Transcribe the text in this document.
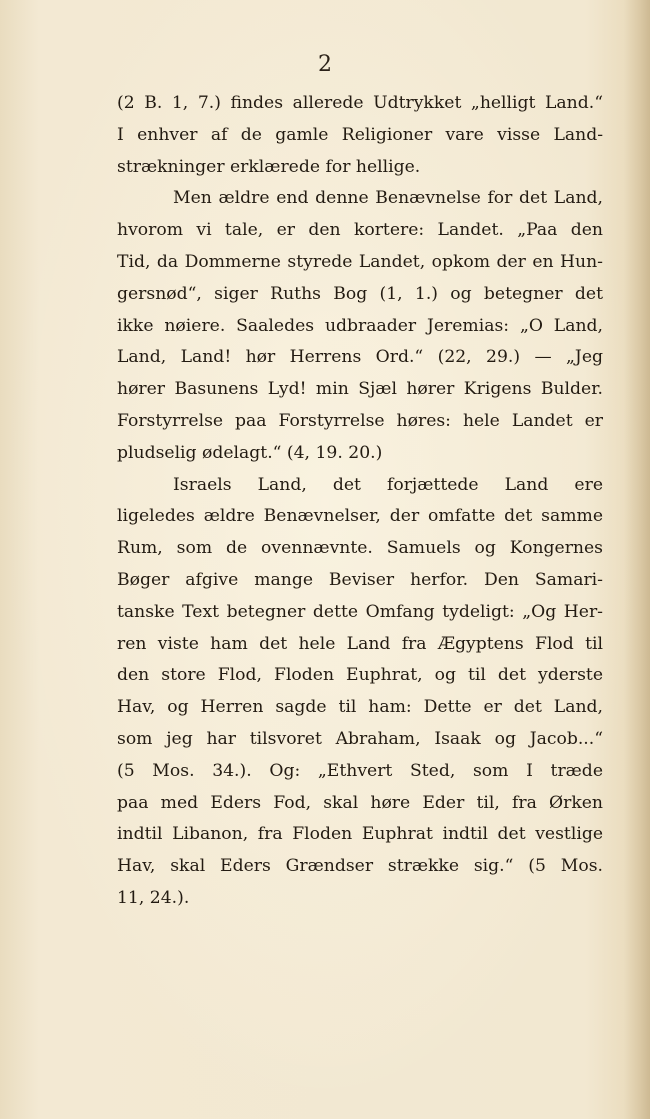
2

(2 B. 1, 7.) findes allerede Udtrykket „helligt Land.“

I enhver af de gamle Religioner vare visse Land-

strækninger erklærede for hellige.

Men ældre end denne Benævnelse for det Land,

hvorom vi tale, er den kortere: Landet. „Paa den

Tid, da Dommerne styrede Landet, opkom der en Hun-

gersnød“, siger Ruths Bog (1, 1.) og betegner det

ikke nøiere. Saaledes udbraader Jeremias: „O Land,

Land, Land! hør Herrens Ord.“ (22, 29.) — „Jeg

hører Basunens Lyd! min Sjæl hører Krigens Bulder.

Forstyrrelse paa Forstyrrelse høres: hele Landet er

pludselig ødelagt.“ (4, 19. 20.)

Israels Land, det forjættede Land ere

ligeledes ældre Benævnelser, der omfatte det samme

Rum, som de ovennævnte. Samuels og Kongernes

Bøger afgive mange Beviser herfor. Den Samari-

tanske Text betegner dette Omfang tydeligt: „Og Her-

ren viste ham det hele Land fra Ægyptens Flod til

den store Flod, Floden Euphrat, og til det yderste

Hav, og Herren sagde til ham: Dette er det Land,

som jeg har tilsvoret Abraham, Isaak og Jacob...“

(5 Mos. 34.). Og: „Ethvert Sted, som I træde

paa med Eders Fod, skal høre Eder til, fra Ørken

indtil Libanon, fra Floden Euphrat indtil det vestlige

Hav, skal Eders Grændser strække sig.“ (5 Mos.

11, 24.).
